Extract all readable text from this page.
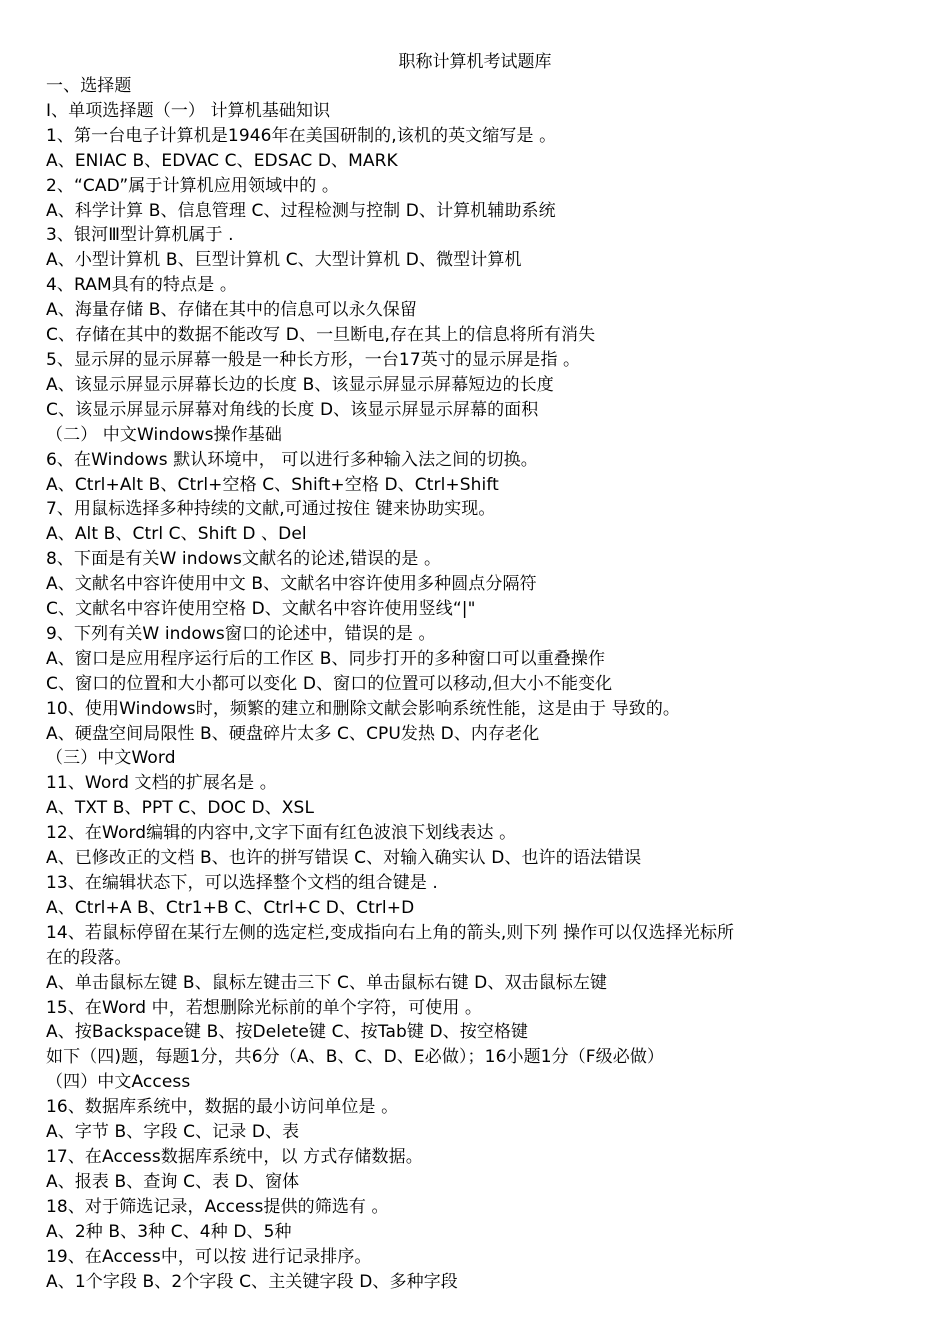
职称计算机考试题库
一、选择题
Ⅰ、单项选择题（一） 计算机基础知识
1、第一台电子计算机是1946年在美国研制的,该机的英文缩写是 。
A、ENIAC B、EDVAC C、EDSAC D、MARK
2、“CAD”属于计算机应用领域中的 。
A、科学计算 B、信息管理 C、过程检测与控制 D、计算机辅助系统
3、银河Ⅲ型计算机属于 .
A、小型计算机 B、巨型计算机 C、大型计算机 D、微型计算机
4、RAM具有的特点是 。
A、海量存储 B、存储在其中的信息可以永久保留
C、存储在其中的数据不能改写 D、一旦断电,存在其上的信息将所有消失
5、显示屏的显示屏幕一般是一种长方形，一台17英寸的显示屏是指 。
A、该显示屏显示屏幕长边的长度 B、该显示屏显示屏幕短边的长度
C、该显示屏显示屏幕对角线的长度 D、该显示屏显示屏幕的面积
（二） 中文Windows操作基础
6、在Windows 默认环境中， 可以进行多种输入法之间的切换。
A、Ctrl+Alt B、Ctrl+空格 C、Shift+空格 D、Ctrl+Shift
7、用鼠标选择多种持续的文献,可通过按住 键来协助实现。
A、Alt B、Ctrl C、Shift D 、Del
8、下面是有关W indows文献名的论述,错误的是 。
A、文献名中容许使用中文 B、文献名中容许使用多种圆点分隔符
C、文献名中容许使用空格 D、文献名中容许使用竖线“|"
9、下列有关W indows窗口的论述中，错误的是 。
A、窗口是应用程序运行后的工作区 B、同步打开的多种窗口可以重叠操作
C、窗口的位置和大小都可以变化 D、窗口的位置可以移动,但大小不能变化
10、使用Windows时，频繁的建立和删除文献会影响系统性能，这是由于 导致的。
A、硬盘空间局限性 B、硬盘碎片太多 C、CPU发热 D、内存老化
（三）中文Word
11、Word 文档的扩展名是 。
A、TXT B、PPT C、DOC D、XSL
12、在Word编辑的内容中,文字下面有红色波浪下划线表达 。
A、已修改正的文档 B、也许的拼写错误 C、对输入确实认 D、也许的语法错误
13、在编辑状态下，可以选择整个文档的组合键是 .
A、Ctrl+A B、Ctr1+B C、Ctrl+C D、Ctrl+D
14、若鼠标停留在某行左侧的选定栏,变成指向右上角的箭头,则下列 操作可以仅选择光标所
在的段落。
A、单击鼠标左键 B、鼠标左键击三下 C、单击鼠标右键 D、双击鼠标左键
15、在Word 中，若想删除光标前的单个字符，可使用 。
A、按Backspace键 B、按Delete键 C、按Tab键 D、按空格键
如下（四)题，每题1分，共6分（A、B、C、D、E必做）；16小题1分（F级必做）
（四）中文Access
16、数据库系统中，数据的最小访问单位是 。
A、字节 B、字段 C、记录 D、表
17、在Access数据库系统中，以 方式存储数据。
A、报表 B、查询 C、表 D、窗体
18、对于筛选记录，Access提供的筛选有 。
A、2种 B、3种 C、4种 D、5种
19、在Access中，可以按 进行记录排序。
A、1个字段 B、2个字段 C、主关键字段 D、多种字段
